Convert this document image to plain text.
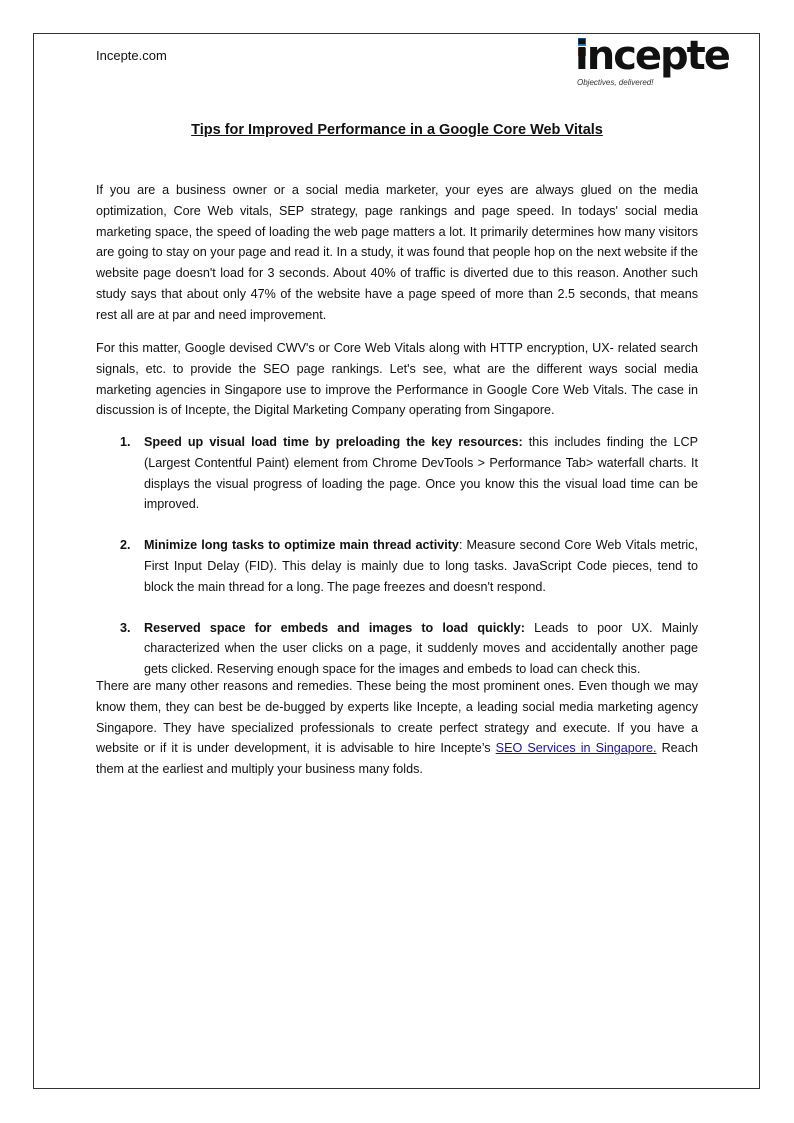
Incepte.com	incepte
Objectives, delivered!
Tips for Improved Performance in a Google Core Web Vitals

If you are a business owner or a social media marketer, your eyes are always glued on the media optimization, Core Web vitals, SEP strategy, page rankings and page speed. In todays' social media marketing space, the speed of loading the web page matters a lot. It primarily determines how many visitors are going to stay on your page and read it. In a study, it was found that people hop on the next website if the website page doesn't load for 3 seconds. About 40% of traffic is diverted due to this reason. Another such study says that about only 47% of the website have a page speed of more than 2.5 seconds, that means rest all are at par and need improvement.

For this matter, Google devised CWV's or Core Web Vitals along with HTTP encryption, UX- related search signals, etc. to provide the SEO page rankings. Let's see, what are the different ways social media marketing agencies in Singapore use to improve the Performance in Google Core Web Vitals. The case in discussion is of Incepte, the Digital Marketing Company operating from Singapore.

1. Speed up visual load time by preloading the key resources: this includes finding the LCP (Largest Contentful Paint) element from Chrome DevTools > Performance Tab> waterfall charts. It displays the visual progress of loading the page. Once you know this the visual load time can be improved.
2. Minimize long tasks to optimize main thread activity: Measure second Core Web Vitals metric, First Input Delay (FID). This delay is mainly due to long tasks. JavaScript Code pieces, tend to block the main thread for a long. The page freezes and doesn't respond.
3. Reserved space for embeds and images to load quickly: Leads to poor UX. Mainly characterized when the user clicks on a page, it suddenly moves and accidentally another page gets clicked. Reserving enough space for the images and embeds to load can check this.

There are many other reasons and remedies. These being the most prominent ones. Even though we may know them, they can best be de-bugged by experts like Incepte, a leading social media marketing agency Singapore. They have specialized professionals to create perfect strategy and execute. If you have a website or if it is under development, it is advisable to hire Incepte’s SEO Services in Singapore. Reach them at the earliest and multiply your business many folds.
